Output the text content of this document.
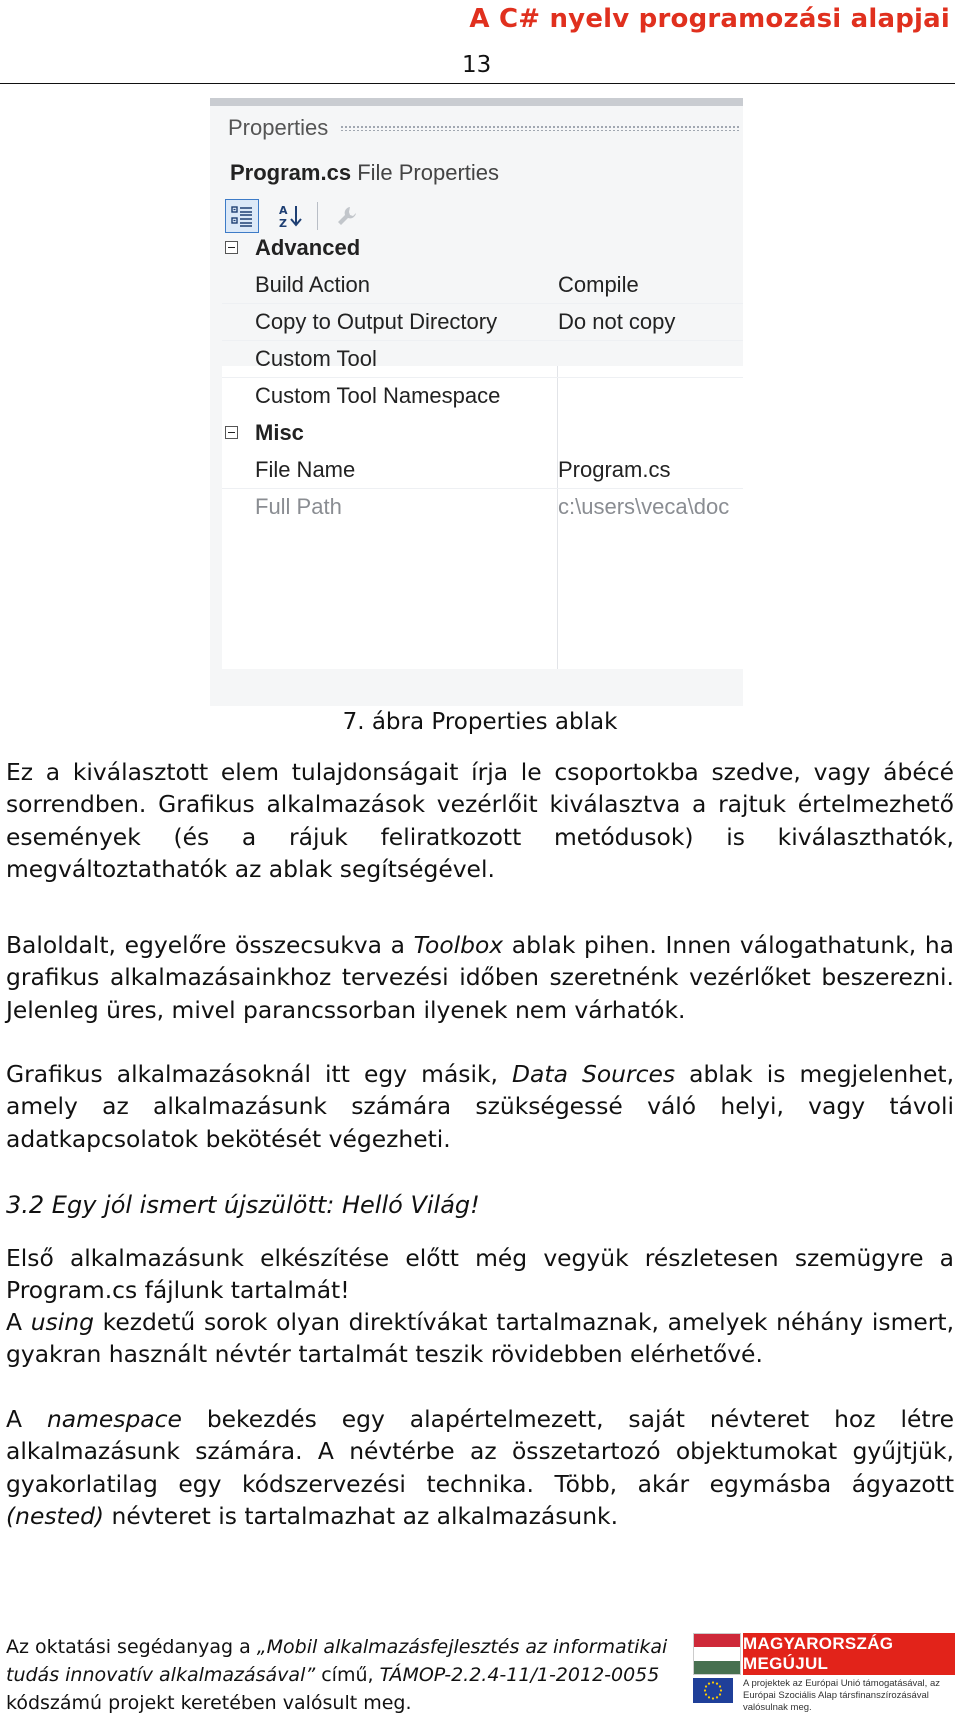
A C# nyelv programozási alapjai
13
Properties
Program.cs File Properties
A
Z
Advanced
Build Action	Compile
Copy to Output Directory	Do not copy
Custom Tool
Custom Tool Namespace
Misc
File Name	Program.cs
Full Path	c:\users\veca\doc
7. ábra Properties ablak

Ez a kiválasztott elem tulajdonságait írja le csoportokba szedve, vagy ábécé sorrendben. Grafikus alkalmazások vezérlőit kiválasztva a rajtuk értelmezhető események (és a rájuk feliratkozott metódusok) is kiválaszthatók, megváltoztathatók az ablak segítségével.

Baloldalt, egyelőre összecsukva a Toolbox ablak pihen. Innen válogathatunk, ha grafikus alkalmazásainkhoz tervezési időben szeretnénk vezérlőket beszerezni. Jelenleg üres, mivel parancssorban ilyenek nem várhatók.

Grafikus alkalmazásoknál itt egy másik, Data Sources ablak is megjelenhet, amely az alkalmazásunk számára szükségessé váló helyi, vagy távoli adatkapcsolatok bekötését végezheti.

3.2 Egy jól ismert újszülött: Helló Világ!

Első alkalmazásunk elkészítése előtt még vegyük részletesen szemügyre a Program.cs fájlunk tartalmát!

A using kezdetű sorok olyan direktívákat tartalmaznak, amelyek néhány ismert, gyakran használt névtér tartalmát teszik rövidebben elérhetővé.

A namespace bekezdés egy alapértelmezett, saját névteret hoz létre alkalmazásunk számára. A névtérbe az összetartozó objektumokat gyűjtjük, gyakorlatilag egy kódszervezési technika. Több, akár egymásba ágyazott (nested) névteret is tartalmazhat az alkalmazásunk.

Az oktatási segédanyag a „Mobil alkalmazásfejlesztés az informatikai tudás innovatív alkalmazásával” című, TÁMOP-2.2.4-11/1-2012-0055 kódszámú projekt keretében valósult meg.
MAGYARORSZÁG MEGÚJUL
A projektek az Európai Unió támogatásával, az Európai Szociális Alap társfinanszírozásával valósulnak meg.
